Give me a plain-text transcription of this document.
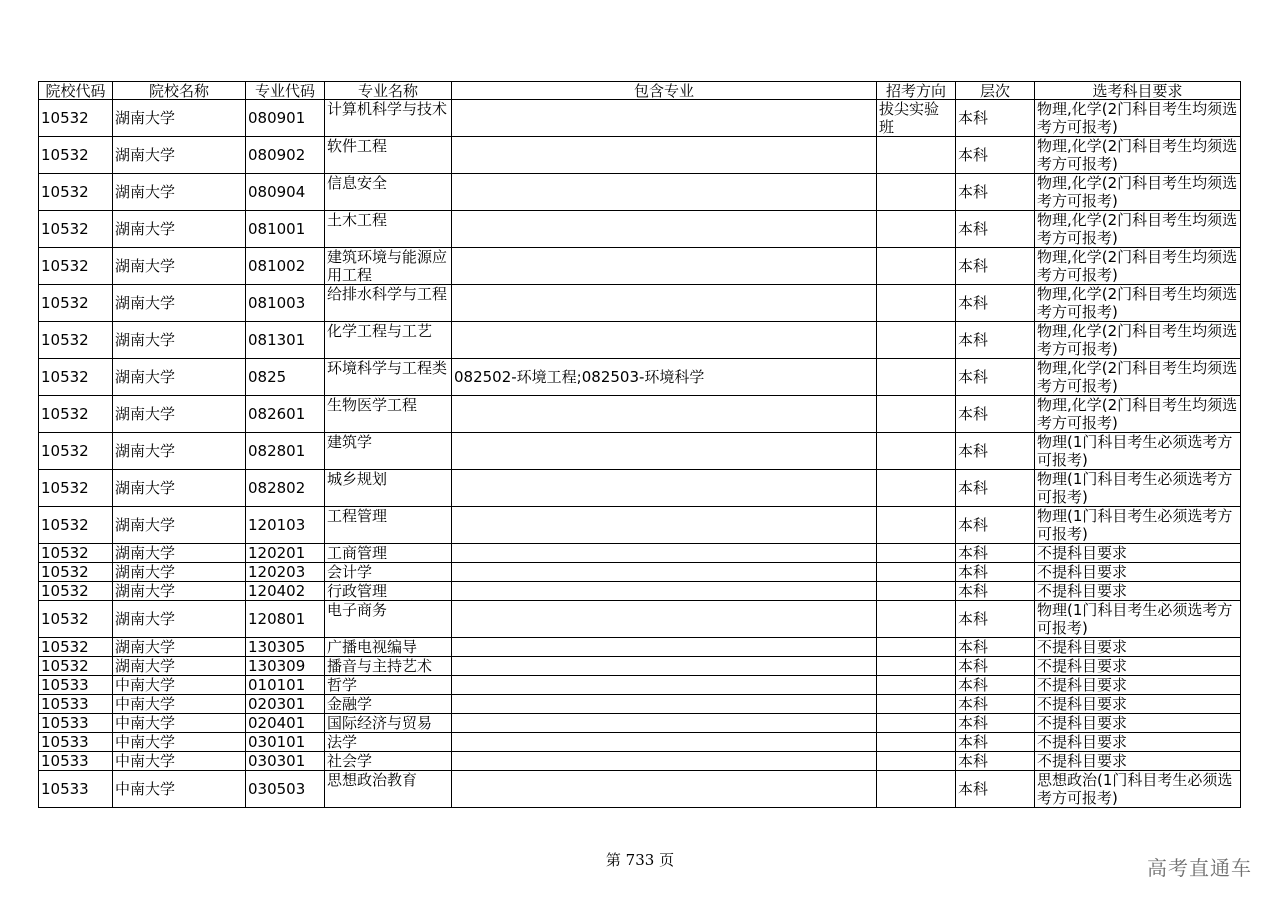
院校代码	院校名称	专业代码	专业名称	包含专业	招考方向	层次	选考科目要求
10532	湖南大学	080901	计算机科学与技术		拔尖实验班	本科	物理,化学(2门科目考生均须选考方可报考)
10532	湖南大学	080902	软件工程			本科	物理,化学(2门科目考生均须选考方可报考)
10532	湖南大学	080904	信息安全			本科	物理,化学(2门科目考生均须选考方可报考)
10532	湖南大学	081001	土木工程			本科	物理,化学(2门科目考生均须选考方可报考)
10532	湖南大学	081002	建筑环境与能源应用工程			本科	物理,化学(2门科目考生均须选考方可报考)
10532	湖南大学	081003	给排水科学与工程			本科	物理,化学(2门科目考生均须选考方可报考)
10532	湖南大学	081301	化学工程与工艺			本科	物理,化学(2门科目考生均须选考方可报考)
10532	湖南大学	0825	环境科学与工程类	082502-环境工程;082503-环境科学		本科	物理,化学(2门科目考生均须选考方可报考)
10532	湖南大学	082601	生物医学工程			本科	物理,化学(2门科目考生均须选考方可报考)
10532	湖南大学	082801	建筑学			本科	物理(1门科目考生必须选考方可报考)
10532	湖南大学	082802	城乡规划			本科	物理(1门科目考生必须选考方可报考)
10532	湖南大学	120103	工程管理			本科	物理(1门科目考生必须选考方可报考)
10532	湖南大学	120201	工商管理			本科	不提科目要求
10532	湖南大学	120203	会计学			本科	不提科目要求
10532	湖南大学	120402	行政管理			本科	不提科目要求
10532	湖南大学	120801	电子商务			本科	物理(1门科目考生必须选考方可报考)
10532	湖南大学	130305	广播电视编导			本科	不提科目要求
10532	湖南大学	130309	播音与主持艺术			本科	不提科目要求
10533	中南大学	010101	哲学			本科	不提科目要求
10533	中南大学	020301	金融学			本科	不提科目要求
10533	中南大学	020401	国际经济与贸易			本科	不提科目要求
10533	中南大学	030101	法学			本科	不提科目要求
10533	中南大学	030301	社会学			本科	不提科目要求
10533	中南大学	030503	思想政治教育			本科	思想政治(1门科目考生必须选考方可报考)
第 733 页	高考直通车
